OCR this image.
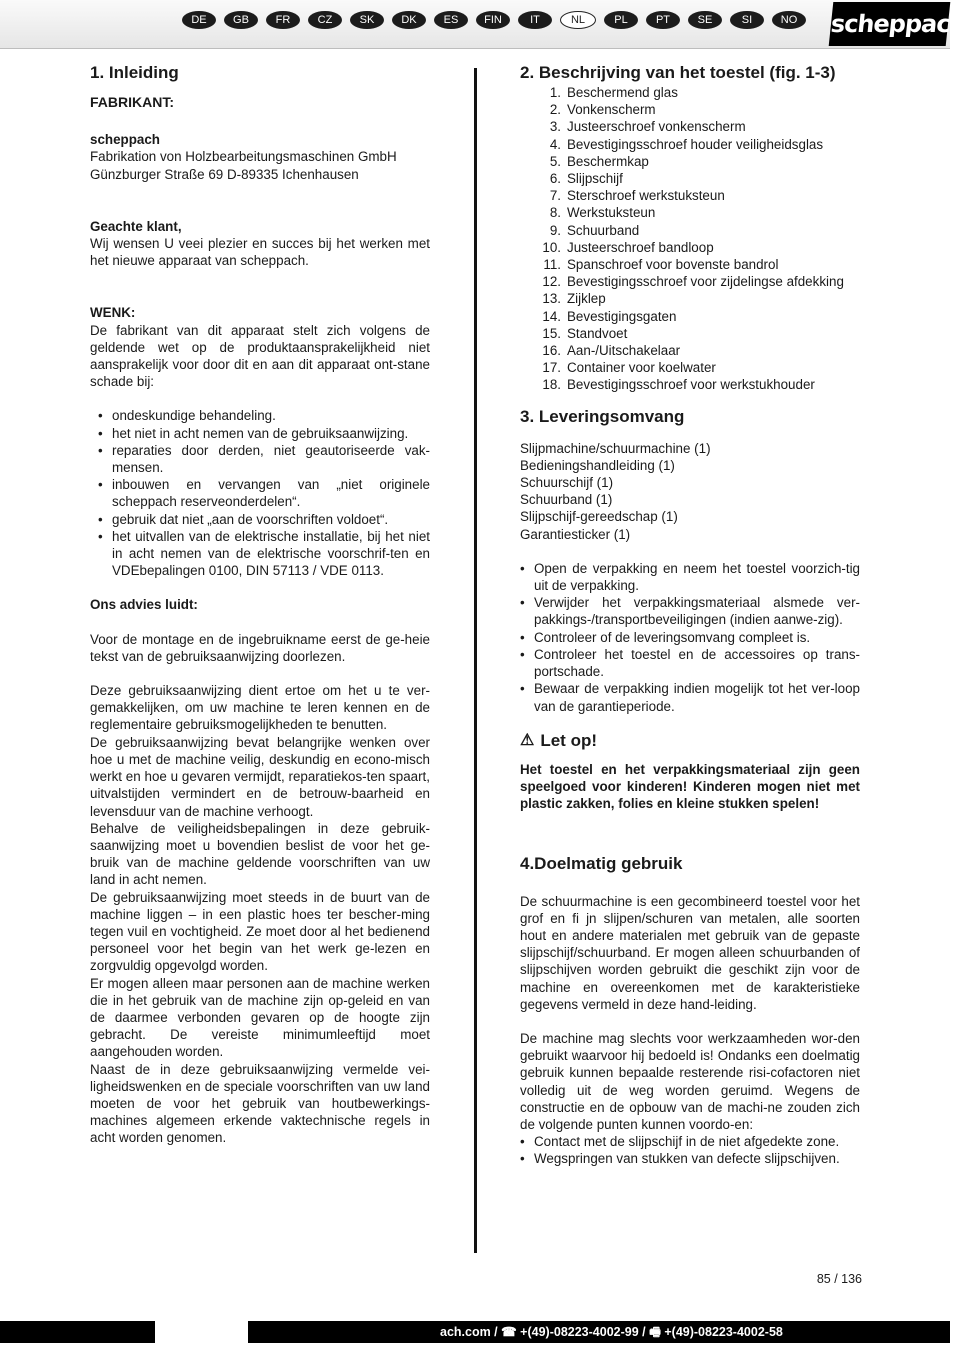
DE	GB	FR	CZ	SK	DK	ES	FIN	IT	NL	PL	PT	SE	SI	NO	scheppach
1. Inleiding
FABRIKANT:
scheppach
Fabrikation von Holzbearbeitungsmaschinen GmbH
Günzburger Straße 69 D-89335 Ichenhausen
Geachte klant,

Wij wensen U veei plezier en succes bij het werken met het nieuwe apparaat van scheppach.

WENK:

De fabrikant van dit apparaat stelt zich volgens de geldende wet op de produktaansprakelijkheid niet aansprakelijk voor door dit en aan dit apparaat ont-stane schade bij:

• ondeskundige behandeling.
• het niet in acht nemen van de gebruiksaanwijzing.
• reparaties door derden, niet geautoriseerde vak-mensen.
• inbouwen en vervangen van „niet originele scheppach reserveonderdelen“.
• gebruik dat niet „aan de voorschriften voldoet“.
• het uitvallen van de elektrische installatie, bij het niet in acht nemen van de elektrische voorschrif-ten en VDEbepalingen 0100, DIN 57113 / VDE 0113.
Ons advies luidt:

Voor de montage en de ingebruikname eerst de ge-heie tekst van de gebruiksaanwijzing doorlezen.

Deze gebruiksaanwijzing dient ertoe om het u te ver-gemakkelijken, om uw machine te leren kennen en de reglementaire gebruiksmogelijkheden te benutten.

De gebruiksaanwijzing bevat belangrijke wenken over hoe u met de machine veilig, deskundig en econo-misch werkt en hoe u gevaren vermijdt, reparatiekos-ten spaart, uitvalstijden vermindert en de betrouw-baarheid en levensduur van de machine verhoogt.

Behalve de veiligheidsbepalingen in deze gebruik-saanwijzing moet u bovendien beslist de voor het ge-bruik van de machine geldende voorschriften van uw land in acht nemen.

De gebruiksaanwijzing moet steeds in de buurt van de machine liggen – in een plastic hoes ter bescher-ming tegen vuil en vochtigheid. Ze moet door al het bedienend personeel voor het begin van het werk ge-lezen en zorgvuldig opgevolgd worden.

Er mogen alleen maar personen aan de machine werken die in het gebruik van de machine zijn op-geleid en van de daarmee verbonden gevaren op de hoogte zijn gebracht. De vereiste minimumleeftijd moet aangehouden worden.

Naast de in deze gebruiksaanwijzing vermelde vei-ligheidswenken en de speciale voorschriften van uw land moeten de voor het gebruik van houtbewerkings-machines algemeen erkende vaktechnische regels in acht worden genomen.

2. Beschrijving van het toestel (fig. 1-3)
1. Beschermend glas
2. Vonkenscherm
3. Justeerschroef vonkenscherm
4. Bevestigingsschroef houder veiligheidsglas
5. Beschermkap
6. Slijpschijf
7. Sterschroef werkstuksteun
8. Werkstuksteun
9. Schuurband
10. Justeerschroef bandloop
11. Spanschroef voor bovenste bandrol
12. Bevestigingsschroef voor zijdelingse afdekking
13. Zijklep
14. Bevestigingsgaten
15. Standvoet
16. Aan-/Uitschakelaar
17. Container voor koelwater
18. Bevestigingsschroef voor werkstukhouder
3. Leveringsomvang
Slijpmachine/schuurmachine (1)
Bedieningshandleiding (1)
Schuurschijf (1)
Schuurband (1)
Slijpschijf-gereedschap (1)
Garantiesticker (1)
• Open de verpakking en neem het toestel voorzich-tig uit de verpakking.
• Verwijder het verpakkingsmateriaal alsmede ver-pakkings-/transportbeveiligingen (indien aanwe-zig).
• Controleer of de leveringsomvang compleet is.
• Controleer het toestel en de accessoires op trans-portschade.
• Bewaar de verpakking indien mogelijk tot het ver-loop van de garantieperiode.
⚠ Let op!

Het toestel en het verpakkingsmateriaal zijn geen speelgoed voor kinderen! Kinderen mogen niet met plastic zakken, folies en kleine stukken spelen!

4.Doelmatig gebruik

De schuurmachine is een gecombineerd toestel voor het grof en fi jn slijpen/schuren van metalen, alle soorten hout en andere materialen met gebruik van de gepaste slijpschijf/schuurband. Er mogen alleen schuurbanden of slijpschijven worden gebruikt die geschikt zijn voor de machine en overeenkomen met de karakteristieke gegevens vermeld in deze hand-leiding.

De machine mag slechts voor werkzaamheden wor-den gebruikt waarvoor hij bedoeld is! Ondanks een doelmatig gebruik kunnen bepaalde resterende risi-cofactoren niet volledig uit de weg worden geruimd. Wegens de constructie en de opbouw van de machi-ne zouden zich de volgende punten kunnen voordo-en:

• Contact met de slijpschijf in de niet afgedekte zone.
• Wegspringen van stukken van defecte slijpschijven.
85 / 136
ach.com / ☎ +(49)-08223-4002-99 / 🖷 +(49)-08223-4002-58
